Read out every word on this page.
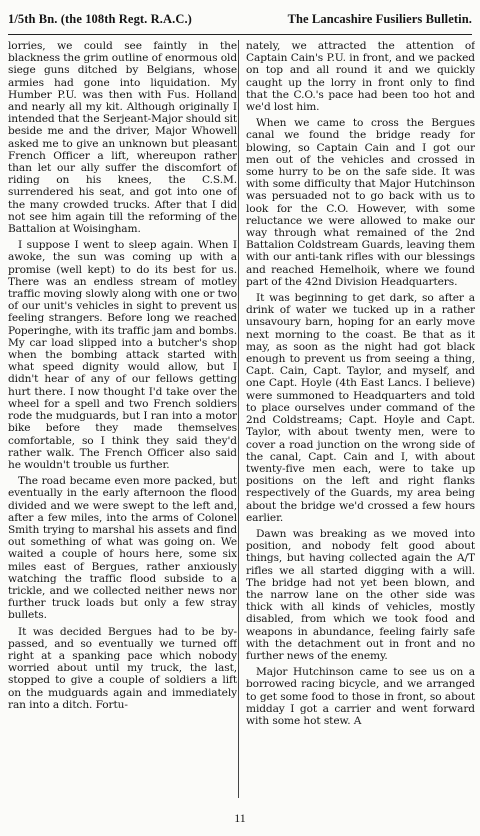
1/5th Bn. (the 108th Regt. R.A.C.)	The Lancashire Fusiliers Bulletin.

lorries, we could see faintly in the blackness the grim outline of enormous old siege guns ditched by Belgians, whose armies had gone into liquidation. My Humber P.U. was then with Fus. Holland and nearly all my kit. Although originally I intended that the Serjeant-Major should sit beside me and the driver, Major Whowell asked me to give an unknown but pleasant French Officer a lift, whereupon rather than let our ally suffer the discomfort of riding on his knees, the C.S.M. surrendered his seat, and got into one of the many crowded trucks. After that I did not see him again till the reforming of the Battalion at Woisingham.

I suppose I went to sleep again. When I awoke, the sun was coming up with a promise (well kept) to do its best for us. There was an endless stream of motley traffic moving slowly along with one or two of our unit's vehicles in sight to prevent us feeling strangers. Before long we reached Poperinghe, with its traffic jam and bombs. My car load slipped into a butcher's shop when the bombing attack started with what speed dignity would allow, but I didn't hear of any of our fellows getting hurt there. I now thought I'd take over the wheel for a spell and two French soldiers rode the mudguards, but I ran into a motor bike before they made themselves comfortable, so I think they said they'd rather walk. The French Officer also said he wouldn't trouble us further.

The road became even more packed, but eventually in the early afternoon the flood divided and we were swept to the left and, after a few miles, into the arms of Colonel Smith trying to marshal his assets and find out something of what was going on. We waited a couple of hours here, some six miles east of Bergues, rather anxiously watching the traffic flood subside to a trickle, and we collected neither news nor further truck loads but only a few stray bullets.

It was decided Bergues had to be by-passed, and so eventually we turned off right at a spanking pace which nobody worried about until my truck, the last, stopped to give a couple of soldiers a lift on the mudguards again and immediately ran into a ditch. Fortu-

nately, we attracted the attention of Captain Cain's P.U. in front, and we packed on top and all round it and we quickly caught up the lorry in front only to find that the C.O.'s pace had been too hot and we'd lost him.

When we came to cross the Bergues canal we found the bridge ready for blowing, so Captain Cain and I got our men out of the vehicles and crossed in some hurry to be on the safe side. It was with some difficulty that Major Hutchinson was persuaded not to go back with us to look for the C.O. However, with some reluctance we were allowed to make our way through what remained of the 2nd Battalion Coldstream Guards, leaving them with our anti-tank rifles with our blessings and reached Hemelhoik, where we found part of the 42nd Division Headquarters.

It was beginning to get dark, so after a drink of water we tucked up in a rather unsavoury barn, hoping for an early move next morning to the coast. Be that as it may, as soon as the night had got black enough to prevent us from seeing a thing, Capt. Cain, Capt. Taylor, and myself, and one Capt. Hoyle (4th East Lancs. I believe) were summoned to Headquarters and told to place ourselves under command of the 2nd Coldstreams; Capt. Hoyle and Capt. Taylor, with about twenty men, were to cover a road junction on the wrong side of the canal, Capt. Cain and I, with about twenty-five men each, were to take up positions on the left and right flanks respectively of the Guards, my area being about the bridge we'd crossed a few hours earlier.

Dawn was breaking as we moved into position, and nobody felt good about things, but having collected again the A/T rifles we all started digging with a will. The bridge had not yet been blown, and the narrow lane on the other side was thick with all kinds of vehicles, mostly disabled, from which we took food and weapons in abundance, feeling fairly safe with the detachment out in front and no further news of the enemy.

Major Hutchinson came to see us on a borrowed racing bicycle, and we arranged to get some food to those in front, so about midday I got a carrier and went forward with some hot stew. A

11
